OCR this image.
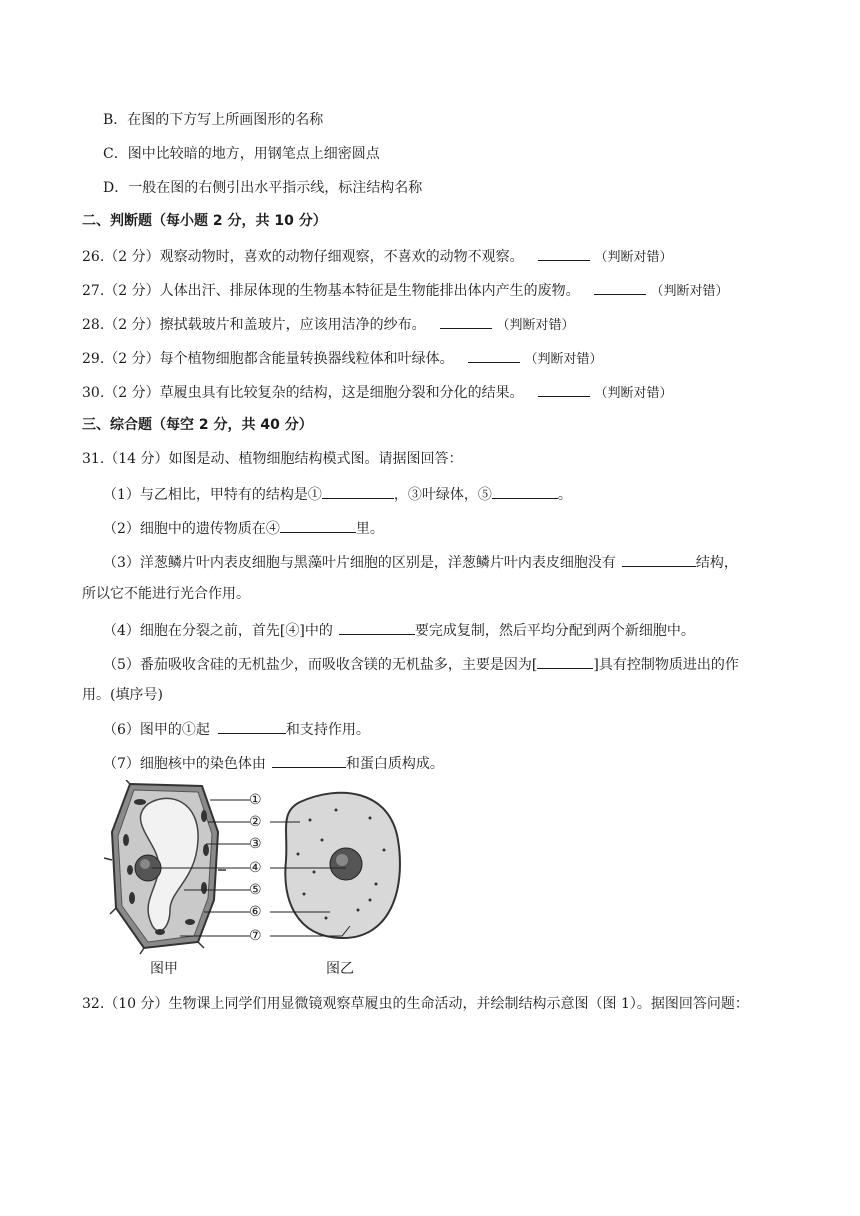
B．在图的下方写上所画图形的名称
C．图中比较暗的地方，用钢笔点上细密圆点
D．一般在图的右侧引出水平指示线，标注结构名称
二、判断题（每小题 2 分，共 10 分）
26.（2 分）观察动物时，喜欢的动物仔细观察，不喜欢的动物不观察。	（判断对错）
27.（2 分）人体出汗、排尿体现的生物基本特征是生物能排出体内产生的废物。	（判断对错）
28.（2 分）擦拭载玻片和盖玻片，应该用洁净的纱布。	（判断对错）
29.（2 分）每个植物细胞都含能量转换器线粒体和叶绿体。	（判断对错）
30.（2 分）草履虫具有比较复杂的结构，这是细胞分裂和分化的结果。	（判断对错）
三、综合题（每空 2 分，共 40 分）
31.（14 分）如图是动、植物细胞结构模式图。请据图回答：
（1）与乙相比，甲特有的结构是①	，③叶绿体，⑤	。
（2）细胞中的遗传物质在④	里。
（3）洋葱鳞片叶内表皮细胞与黑藻叶片细胞的区别是，洋葱鳞片叶内表皮细胞没有	结构，
所以它不能进行光合作用。
（4）细胞在分裂之前，首先[④]中的	要完成复制，然后平均分配到两个新细胞中。
（5）番茄吸收含硅的无机盐少，而吸收含镁的无机盐多，主要是因为[	]具有控制物质进出的作
用。(填序号)
（6）图甲的①起	和支持作用。
（7）细胞核中的染色体由	和蛋白质构成。
①
②
③
④
⑤
⑥
⑦
图甲	图乙
32.（10 分）生物课上同学们用显微镜观察草履虫的生命活动，并绘制结构示意图（图 1）。据图回答问题：
